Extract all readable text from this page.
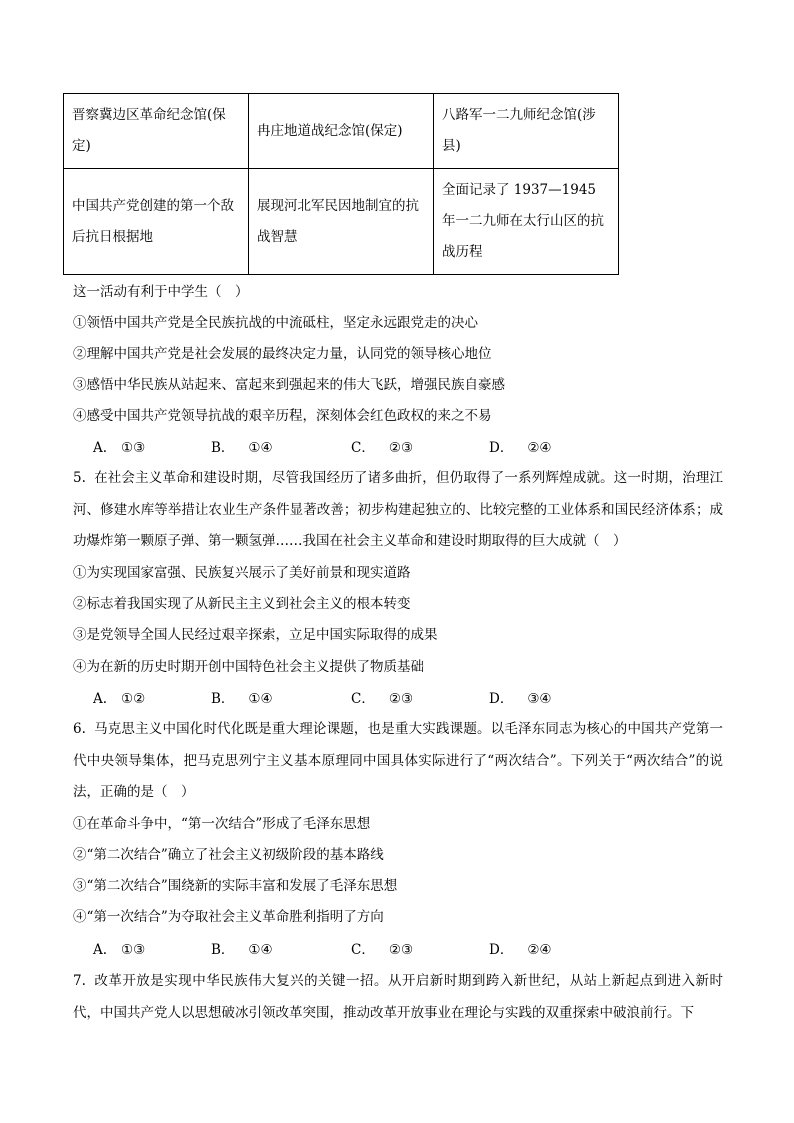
晋察冀边区革命纪念馆(保定)	冉庄地道战纪念馆(保定)	八路军一二九师纪念馆(涉县)
中国共产党创建的第一个敌后抗日根据地	展现河北军民因地制宜的抗战智慧	全面记录了 1937—1945 年一二九师在太行山区的抗战历程
这一活动有利于中学生（　）
①领悟中国共产党是全民族抗战的中流砥柱，坚定永远跟党走的决心
②理解中国共产党是社会发展的最终决定力量，认同党的领导核心地位
③感悟中华民族从站起来、富起来到强起来的伟大飞跃，增强民族自豪感
④感受中国共产党领导抗战的艰辛历程，深刻体会红色政权的来之不易
A. ①③	B． ①④	C． ②③	D． ②④
5. 在社会主义革命和建设时期，尽管我国经历了诸多曲折，但仍取得了一系列辉煌成就。这一时期，治理江河、修建水库等举措让农业生产条件显著改善；初步构建起独立的、比较完整的工业体系和国民经济体系；成功爆炸第一颗原子弹、第一颗氢弹……我国在社会主义革命和建设时期取得的巨大成就（　）
①为实现国家富强、民族复兴展示了美好前景和现实道路
②标志着我国实现了从新民主主义到社会主义的根本转变
③是党领导全国人民经过艰辛探索，立足中国实际取得的成果
④为在新的历史时期开创中国特色社会主义提供了物质基础
A. ①②	B． ①④	C． ②③	D． ③④
6. 马克思主义中国化时代化既是重大理论课题，也是重大实践课题。以毛泽东同志为核心的中国共产党第一代中央领导集体，把马克思列宁主义基本原理同中国具体实际进行了“两次结合”。下列关于“两次结合”的说法，正确的是（　）
①在革命斗争中，“第一次结合”形成了毛泽东思想
②“第二次结合”确立了社会主义初级阶段的基本路线
③“第二次结合”围绕新的实际丰富和发展了毛泽东思想
④“第一次结合”为夺取社会主义革命胜利指明了方向
A. ①③	B． ①④	C． ②③	D． ②④
7. 改革开放是实现中华民族伟大复兴的关键一招。从开启新时期到跨入新世纪，从站上新起点到进入新时代，中国共产党人以思想破冰引领改革突围，推动改革开放事业在理论与实践的双重探索中破浪前行。下
